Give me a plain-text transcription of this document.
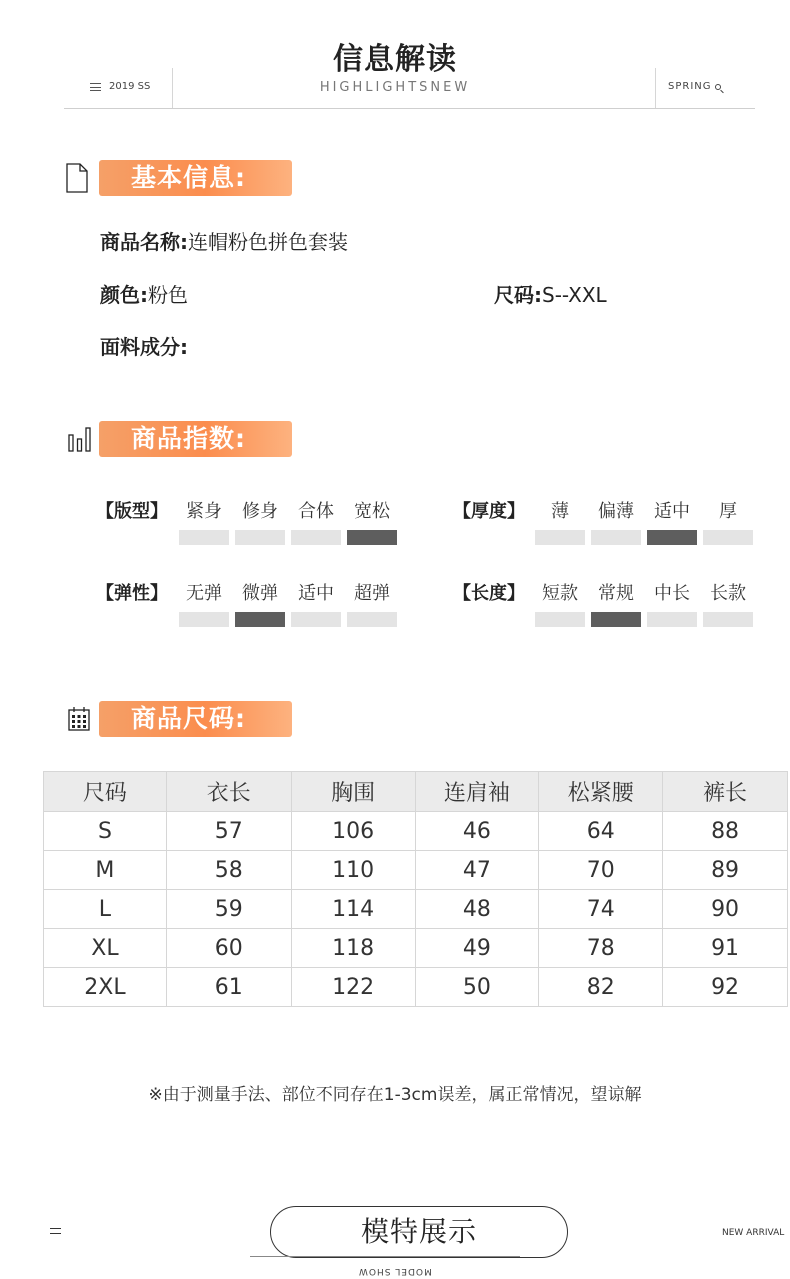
信息解读
2019 SS	HIGHLIGHTSNEW	SPRING
基本信息:
商品名称:连帽粉色拼色套装
颜色:粉色	尺码:S--XXL
面料成分:
商品指数:
【版型】	紧身	修身	合体	宽松	【厚度】	薄	偏薄	适中	厚
【弹性】	无弹	微弹	适中	超弹	【长度】 短款	常规	中长	长款
商品尺码:
尺码	衣长	胸围	连肩袖	松紧腰	裤长
S	57	106	46	64	88
M	58	110	47	70	89
L	59	114	48	74	90
XL	60	118	49	78	91
2XL	61	122	50	82	92
※由于测量手法、部位不同存在1-3cm误差，属正常情况，望谅解
模特展示
MODEL SHOW
NEW ARRIVAL
